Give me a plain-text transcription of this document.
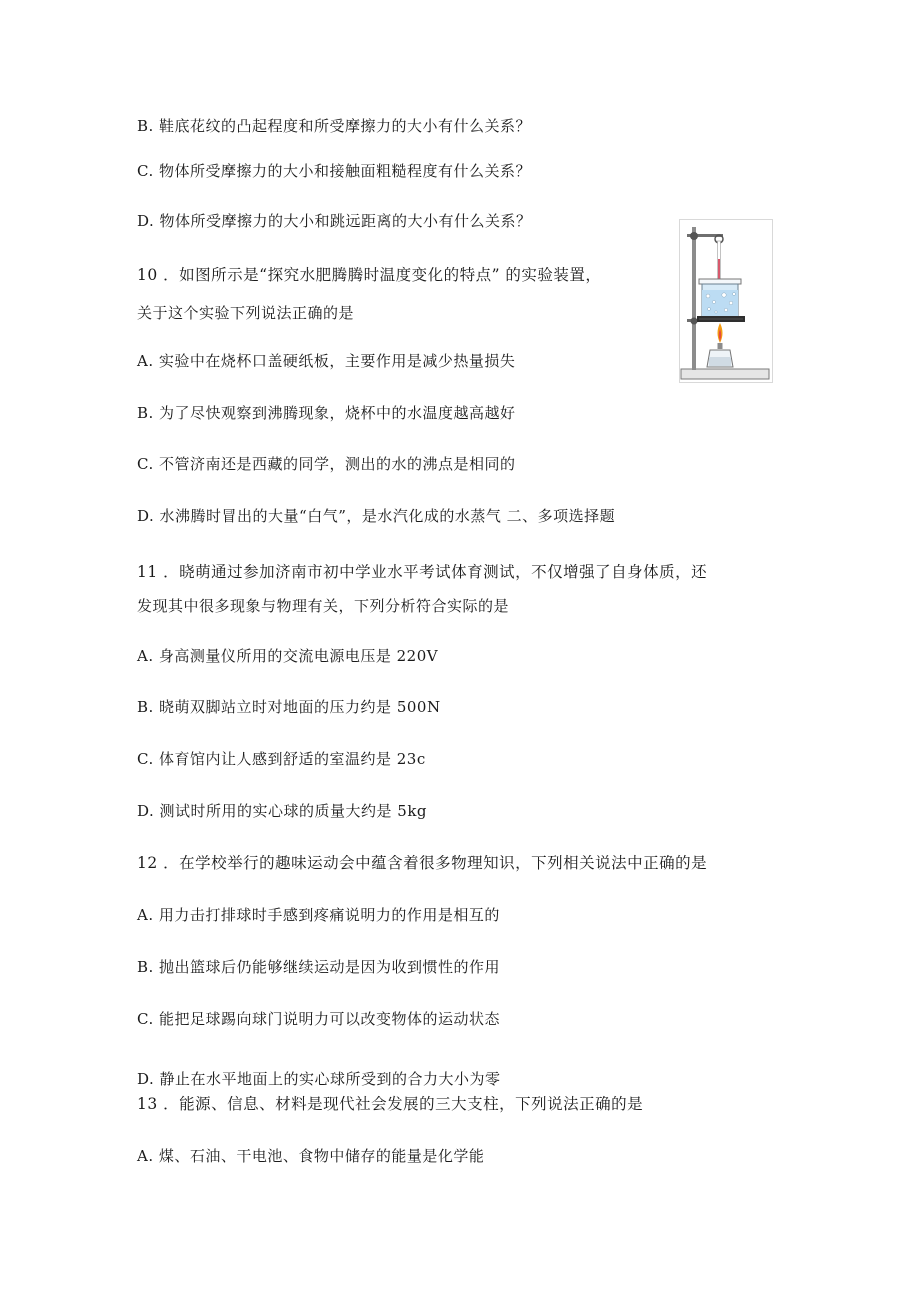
B. 鞋底花纹的凸起程度和所受摩擦力的大小有什么关系？
C. 物体所受摩擦力的大小和接触面粗糙程度有什么关系？
D. 物体所受摩擦力的大小和跳远距离的大小有什么关系？
10 ．如图所示是“探究水肥腾腾时温度变化的特点” 的实验装置，
关于这个实验下列说法正确的是
A. 实验中在烧杯口盖硬纸板，主要作用是减少热量损失
B. 为了尽快观察到沸腾现象，烧杯中的水温度越高越好
C. 不管济南还是西藏的同学，测出的水的沸点是相同的
D. 水沸腾时冒出的大量“白气”，是水汽化成的水蒸气 二、多项选择题
11 ．晓萌通过参加济南市初中学业水平考试体育测试，不仅增强了自身体质，还
发现其中很多现象与物理有关，下列分析符合实际的是
A. 身高测量仪所用的交流电源电压是 220V
B. 晓萌双脚站立时对地面的压力约是 500N
C. 体育馆内让人感到舒适的室温约是 23c
D. 测试时所用的实心球的质量大约是 5kg
12 ．在学校举行的趣味运动会中蕴含着很多物理知识，下列相关说法中正确的是
A. 用力击打排球时手感到疼痛说明力的作用是相互的
B. 抛出篮球后仍能够继续运动是因为收到惯性的作用
C. 能把足球踢向球门说明力可以改变物体的运动状态
D. 静止在水平地面上的实心球所受到的合力大小为零
13 ．能源、信息、材料是现代社会发展的三大支柱，下列说法正确的是
A. 煤、石油、干电池、食物中储存的能量是化学能
